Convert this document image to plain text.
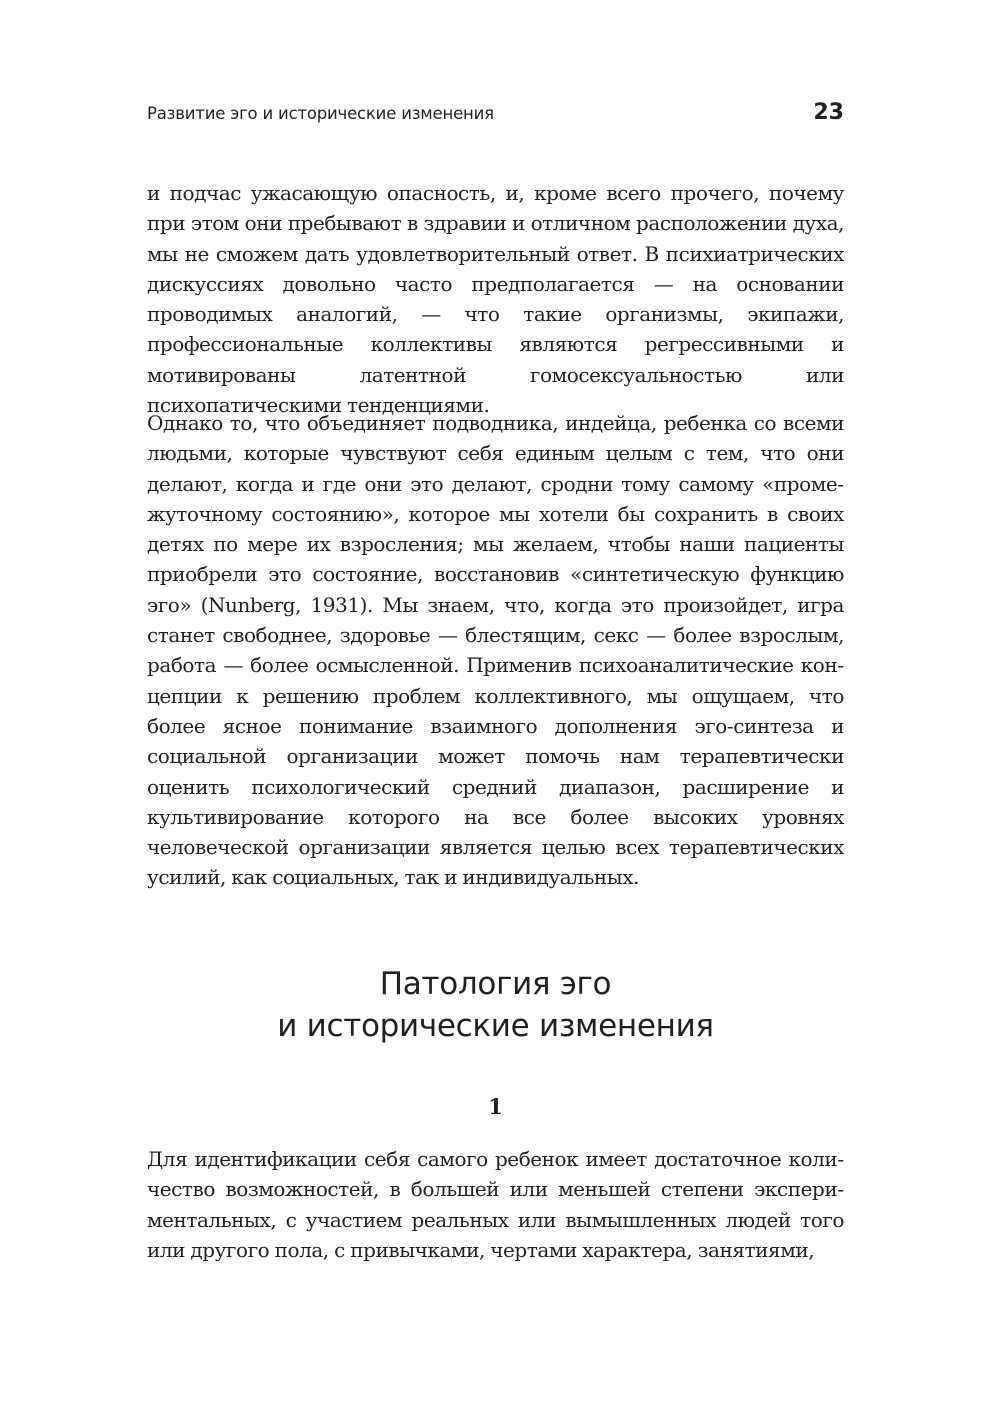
Развитие эго и исторические изменения	23

и подчас ужасающую опасность, и, кроме всего прочего, почему при этом они пребывают в здравии и отличном расположении духа, мы не сможем дать удовлетворительный ответ. В психиатрических дискуссиях довольно часто предполагается — на основании проводимых аналогий, — что такие организмы, экипажи, профессиональные коллективы являются регрессивными и мотивированы латентной гомосексуальностью или психопатическими тенденциями.

Однако то, что объединяет подводника, индейца, ребенка со всеми людьми, которые чувствуют себя единым целым с тем, что они делают, когда и где они это делают, сродни тому самому «промежуточному состоянию», которое мы хотели бы сохранить в своих детях по мере их взросления; мы желаем, чтобы наши пациенты приобрели это состояние, восстановив «синтетическую функцию эго» (Nunberg, 1931). Мы знаем, что, когда это произойдет, игра станет свободнее, здоровье — блестящим, секс — более взрослым, работа — более осмысленной. Применив психоаналитические концепции к решению проблем коллективного, мы ощущаем, что более ясное понимание взаимного дополнения эго-синтеза и социальной организации может помочь нам терапевтически оценить психологический средний диапазон, расширение и культивирование которого на все более высоких уровнях человеческой организации является целью всех терапевтических усилий, как социальных, так и индивидуальных.

Патология эго
и исторические изменения
1

Для идентификации себя самого ребенок имеет достаточное количество возможностей, в большей или меньшей степени экспериментальных, с участием реальных или вымышленных людей того или другого пола, с привычками, чертами характера, занятиями,
